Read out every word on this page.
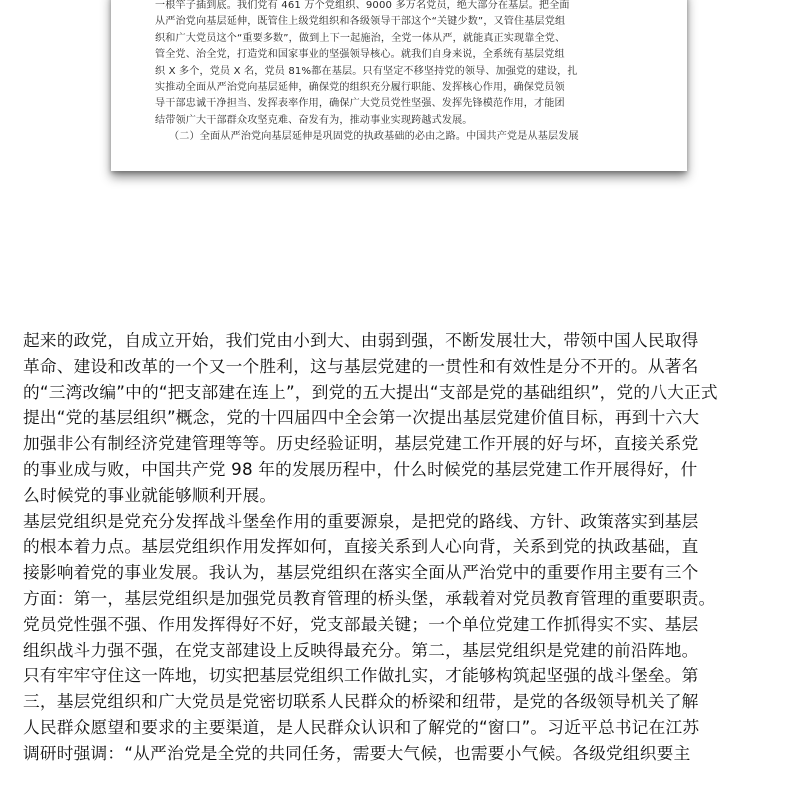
一根竿子插到底。我们党有 461 万个党组织、9000 多万名党员，绝大部分在基层。把全面
从严治党向基层延伸，既管住上级党组织和各级领导干部这个“关键少数”，又管住基层党组
织和广大党员这个“重要多数”，做到上下一起施治，全党一体从严，就能真正实现靠全党、
管全党、治全党，打造党和国家事业的坚强领导核心。就我们自身来说，全系统有基层党组
织 X 多个，党员 X 名，党员 81%都在基层。只有坚定不移坚持党的领导、加强党的建设，扎
实推动全面从严治党向基层延伸，确保党的组织充分履行职能、发挥核心作用，确保党员领
导干部忠诚干净担当、发挥表率作用，确保广大党员党性坚强、发挥先锋模范作用，才能团
结带领广大干部群众攻坚克难、奋发有为，推动事业实现跨越式发展。
（二）全面从严治党向基层延伸是巩固党的执政基础的必由之路。中国共产党是从基层发展
起来的政党，自成立开始，我们党由小到大、由弱到强，不断发展壮大，带领中国人民取得
革命、建设和改革的一个又一个胜利，这与基层党建的一贯性和有效性是分不开的。从著名
的“三湾改编”中的“把支部建在连上”，到党的五大提出“支部是党的基础组织”，党的八大正式
提出“党的基层组织”概念，党的十四届四中全会第一次提出基层党建价值目标，再到十六大
加强非公有制经济党建管理等等。历史经验证明，基层党建工作开展的好与坏，直接关系党
的事业成与败，中国共产党 98 年的发展历程中，什么时候党的基层党建工作开展得好，什
么时候党的事业就能够顺利开展。
基层党组织是党充分发挥战斗堡垒作用的重要源泉，是把党的路线、方针、政策落实到基层
的根本着力点。基层党组织作用发挥如何，直接关系到人心向背，关系到党的执政基础，直
接影响着党的事业发展。我认为，基层党组织在落实全面从严治党中的重要作用主要有三个
方面：第一，基层党组织是加强党员教育管理的桥头堡，承载着对党员教育管理的重要职责。
党员党性强不强、作用发挥得好不好，党支部最关键；一个单位党建工作抓得实不实、基层
组织战斗力强不强，在党支部建设上反映得最充分。第二，基层党组织是党建的前沿阵地。
只有牢牢守住这一阵地，切实把基层党组织工作做扎实，才能够构筑起坚强的战斗堡垒。第
三，基层党组织和广大党员是党密切联系人民群众的桥梁和纽带，是党的各级领导机关了解
人民群众愿望和要求的主要渠道，是人民群众认识和了解党的“窗口”。习近平总书记在江苏
调研时强调：“从严治党是全党的共同任务，需要大气候，也需要小气候。各级党组织要主
